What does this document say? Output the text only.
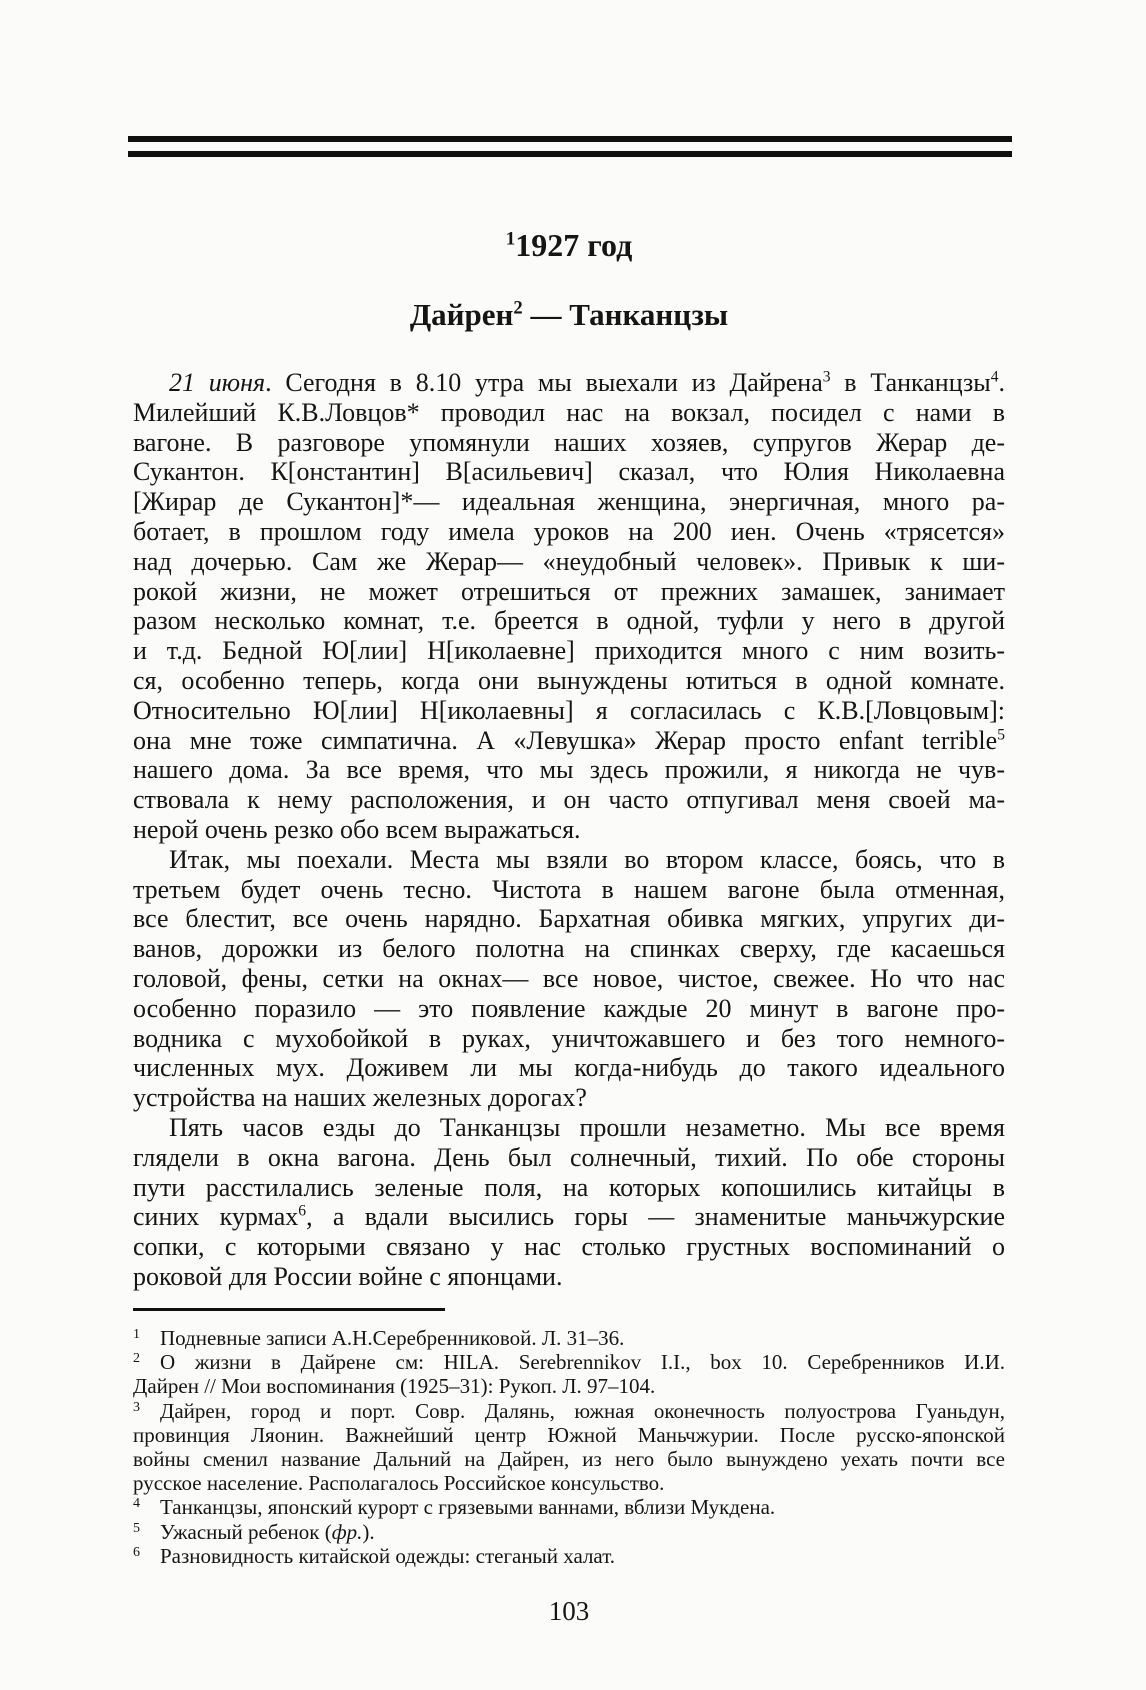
$^1$1927 год
Дайрен$^2$ — Танканцзы
21 июня. Сегодня в 8.10 утра мы выехали из Дайрена$^3$ в Танканцзы$^4$.
Милейший К.В.Ловцов* проводил нас на вокзал, посидел с нами в
вагоне. В разговоре упомянули наших хозяев, супругов Жерар де-
Сукантон. К[онстантин] В[асильевич] сказал, что Юлия Николаевна
[Жирар де Сукантон]*— идеальная женщина, энергичная, много ра-
ботает, в прошлом году имела уроков на 200 иен. Очень «трясется»
над дочерью. Сам же Жерар— «неудобный человек». Привык к ши-
рокой жизни, не может отрешиться от прежних замашек, занимает
разом несколько комнат, т.е. бреется в одной, туфли у него в другой
и т.д. Бедной Ю[лии] Н[иколаевне] приходится много с ним возить-
ся, особенно теперь, когда они вынуждены ютиться в одной комнате.
Относительно Ю[лии] Н[иколаевны] я согласилась с К.В.[Ловцовым]:
она мне тоже симпатична. А «Левушка» Жерар просто enfant terrible$^5$
нашего дома. За все время, что мы здесь прожили, я никогда не чув-
ствовала к нему расположения, и он часто отпугивал меня своей ма-
нерой очень резко обо всем выражаться.
Итак, мы поехали. Места мы взяли во втором классе, боясь, что в
третьем будет очень тесно. Чистота в нашем вагоне была отменная,
все блестит, все очень нарядно. Бархатная обивка мягких, упругих ди-
ванов, дорожки из белого полотна на спинках сверху, где касаешься
головой, фены, сетки на окнах— все новое, чистое, свежее. Но что нас
особенно поразило — это появление каждые 20 минут в вагоне про-
водника с мухобойкой в руках, уничтожавшего и без того немного-
численных мух. Доживем ли мы когда-нибудь до такого идеального
устройства на наших железных дорогах?
Пять часов езды до Танканцзы прошли незаметно. Мы все время
глядели в окна вагона. День был солнечный, тихий. По обе стороны
пути расстилались зеленые поля, на которых копошились китайцы в
синих курмах$^6$, а вдали высились горы — знаменитые маньчжурские
сопки, с которыми связано у нас столько грустных воспоминаний о
роковой для России войне с японцами.
1 Подневные записи А.Н.Серебренниковой. Л. 31–36.
2 О жизни в Дайрене см: HILA. Serebrennikov I.I., box 10. Серебренников И.И.
Дайрен // Мои воспоминания (1925–31): Рукоп. Л. 97–104.
3 Дайрен, город и порт. Совр. Далянь, южная оконечность полуострова Гуаньдун,
провинция Ляонин. Важнейший центр Южной Маньчжурии. После русско-японской
войны сменил название Дальний на Дайрен, из него было вынуждено уехать почти все
русское население. Располагалось Российское консульство.
4 Танканцзы, японский курорт с грязевыми ваннами, вблизи Мукдена.
5 Ужасный ребенок (фр.).
6 Разновидность китайской одежды: стеганый халат.
103
